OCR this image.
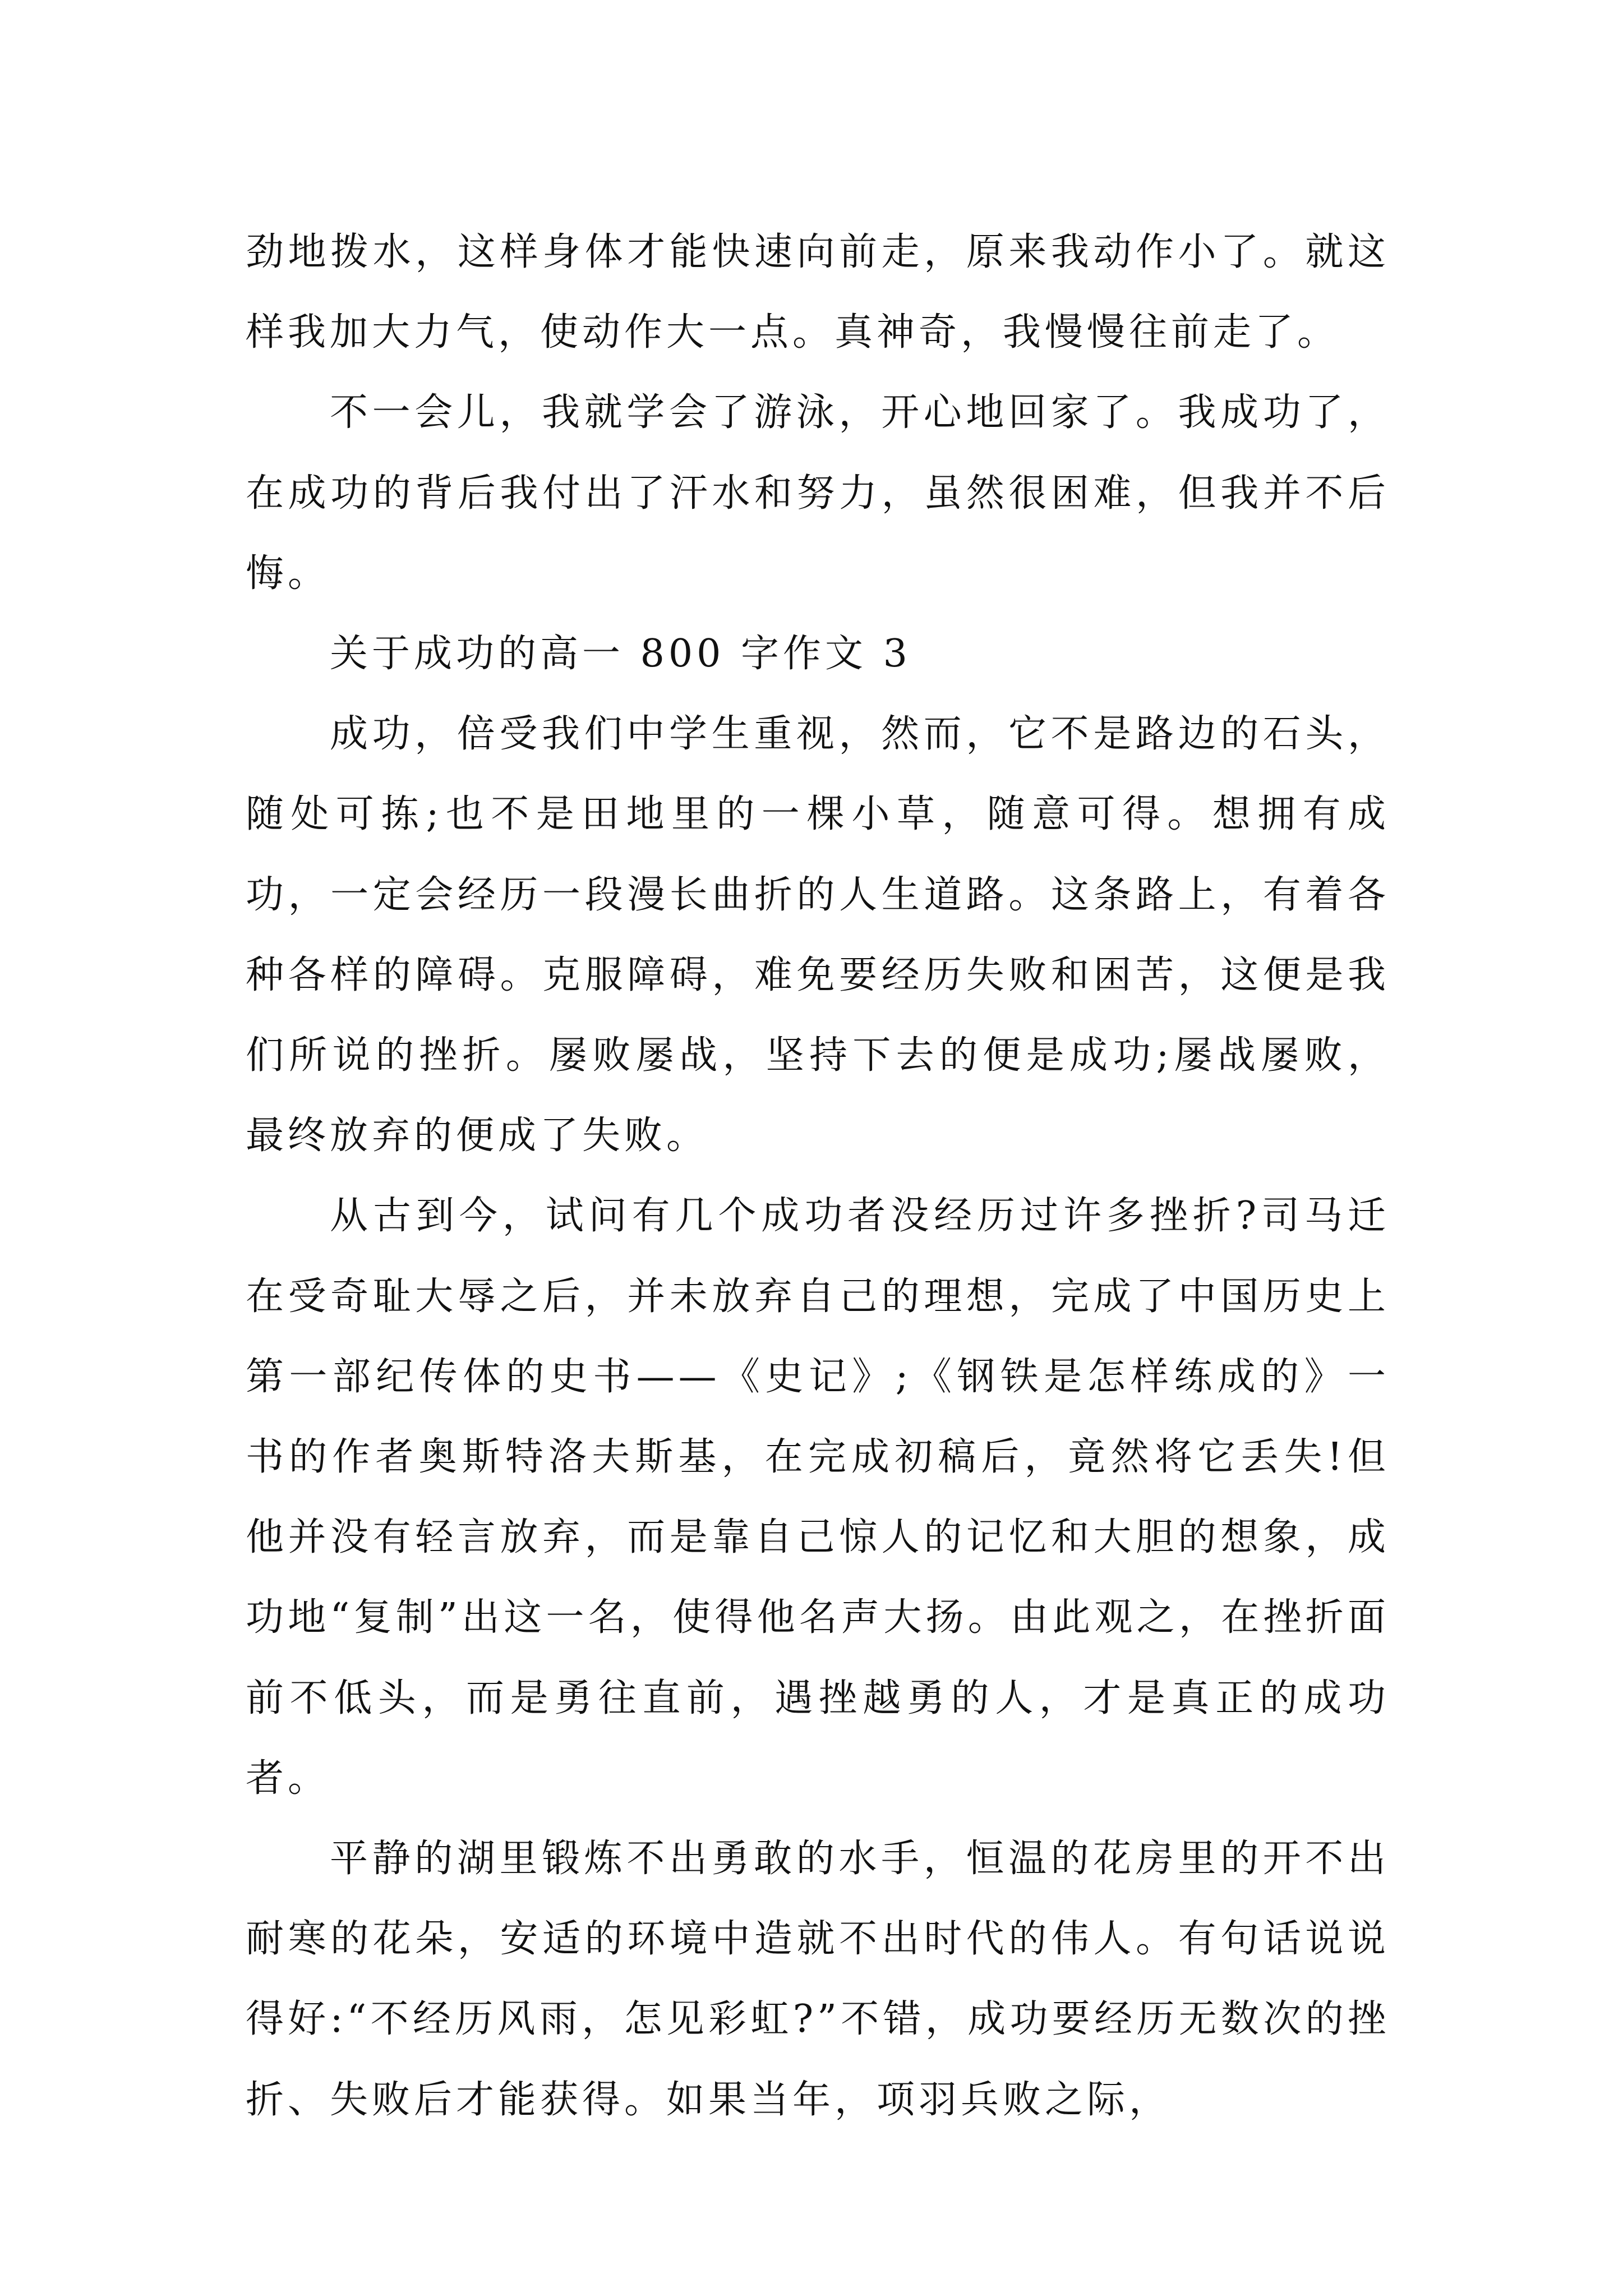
劲地拨水，这样身体才能快速向前走，原来我动作小了。就这样我加大力气，使动作大一点。真神奇，我慢慢往前走了。

不一会儿，我就学会了游泳，开心地回家了。我成功了，在成功的背后我付出了汗水和努力，虽然很困难，但我并不后悔。

关于成功的高一 800 字作文 3

成功，倍受我们中学生重视，然而，它不是路边的石头，随处可拣;也不是田地里的一棵小草，随意可得。想拥有成功，一定会经历一段漫长曲折的人生道路。这条路上，有着各种各样的障碍。克服障碍，难免要经历失败和困苦，这便是我们所说的挫折。屡败屡战，坚持下去的便是成功;屡战屡败，最终放弃的便成了失败。

从古到今，试问有几个成功者没经历过许多挫折?司马迁在受奇耻大辱之后，并未放弃自己的理想，完成了中国历史上第一部纪传体的史书——《史记》;《钢铁是怎样练成的》一书的作者奥斯特洛夫斯基，在完成初稿后，竟然将它丢失!但他并没有轻言放弃，而是靠自己惊人的记忆和大胆的想象，成功地“复制”出这一名，使得他名声大扬。由此观之，在挫折面前不低头，而是勇往直前，遇挫越勇的人，才是真正的成功者。

平静的湖里锻炼不出勇敢的水手，恒温的花房里的开不出耐寒的花朵，安适的环境中造就不出时代的伟人。有句话说说得好:“不经历风雨，怎见彩虹?”不错，成功要经历无数次的挫折、失败后才能获得。如果当年，项羽兵败之际，
